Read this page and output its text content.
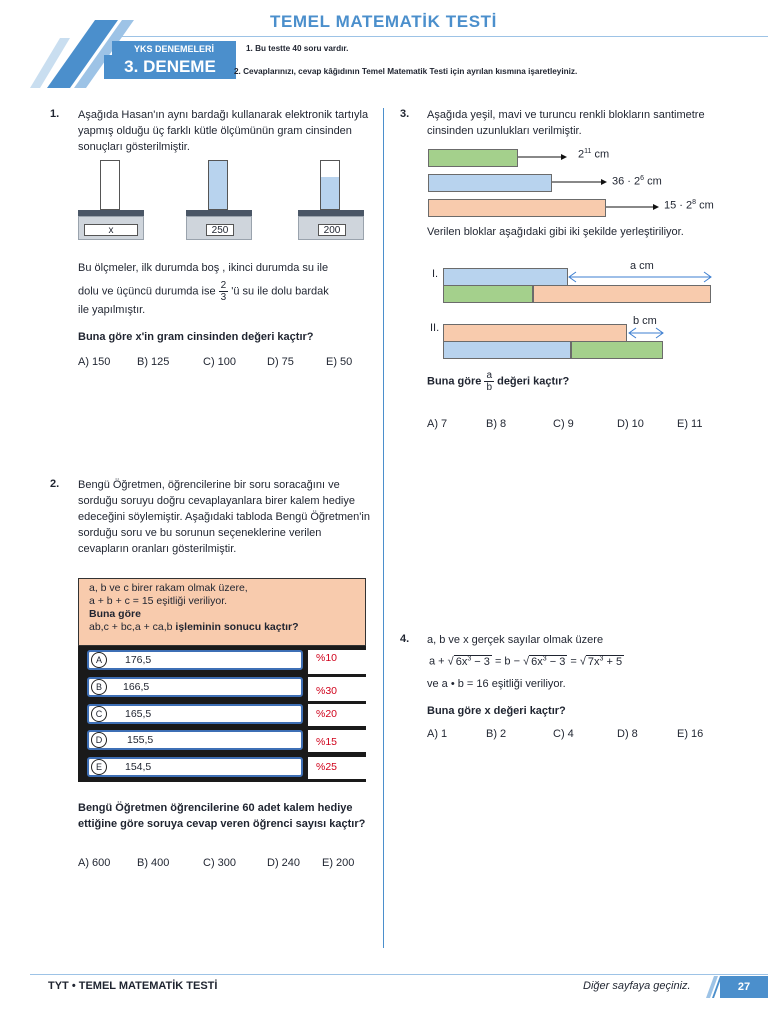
TEMEL MATEMATİK TESTİ
YKS DENEMELERİ
3. DENEME
1. Bu testte 40 soru vardır.
2. Cevaplarınızı, cevap kâğıdının Temel Matematik Testi için ayrılan kısmına işaretleyiniz.
1. Aşağıda Hasan'ın aynı bardağı kullanarak elektronik tartıyla yapmış olduğu üç farklı kütle ölçümünün gram cinsinden sonuçları gösterilmiştir.
x	250	200
Bu ölçmeler, ilk durumda boş , ikinci durumda su ile
dolu ve üçüncü durumda ise $\frac{2}{3}$ 'ü su ile dolu bardak
ile yapılmıştır.
Buna göre x'in gram cinsinden değeri kaçtır?
A) 150 B) 125	C) 100	D) 75	E) 50
2. Bengü Öğretmen, öğrencilerine bir soru soracağını ve sorduğu soruyu doğru cevaplayanlara birer kalem hediye edeceğini söylemiştir. Aşağıdaki tabloda Bengü Öğretmen'in sorduğu soru ve bu sorunun seçeneklerine verilen cevapların oranları gösterilmiştir.
a, b ve c birer rakam olmak üzere,
a + b + c = 15 eşitliği veriliyor.
Buna göre
ab,c + bc,a + ca,b işleminin sonucu kaçtır?
A	176,5	%10
B	166,5	%30
C	165,5	%20
D	155,5	%15
E	154,5	%25
Bengü Öğretmen öğrencilerine 60 adet kalem hediye ettiğine göre soruya cevap veren öğrenci sayısı kaçtır?
A) 600 B) 400	C) 300	D) 240 E) 200
3. Aşağıda yeşil, mavi ve turuncu renkli blokların santimetre cinsinden uzunlukları verilmiştir.
$2^{11}$ cm
$36 \cdot 2^6$ cm
$15 \cdot 2^8$ cm
Verilen bloklar aşağıdaki gibi iki şekilde yerleştiriliyor.
I.
a cm
II.
b cm
Buna göre $\frac{a}{b}$ değeri kaçtır?
A) 7	B) 8	C) 9	D) 10	E) 11
4. a, b ve x gerçek sayılar olmak üzere
a + √ $6x^3 - 3 = b$ − √ $6x^3 - 3$ = √ $7x^3 + 5$
ve a • b = 16 eşitliği veriliyor.
Buna göre x değeri kaçtır?
A) 1	B) 2	C) 4	D) 8	E) 16
TYT • TEMEL MATEMATİK TESTİ	Diğer sayfaya geçiniz.	27
